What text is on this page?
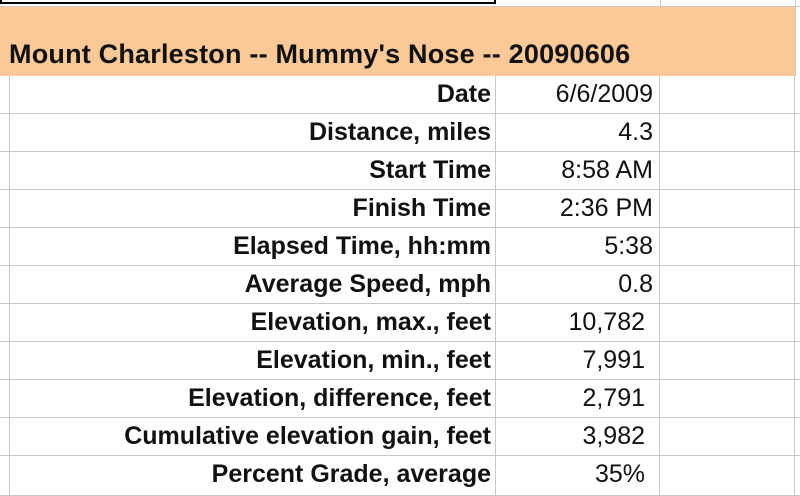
Mount Charleston -- Mummy's Nose -- 20090606
Date	6/6/2009
Distance, miles	4.3
Start Time	8:58 AM
Finish Time	2:36 PM
Elapsed Time, hh:mm	5:38
Average Speed, mph	0.8
Elevation, max., feet	10,782
Elevation, min., feet	7,991
Elevation, difference, feet	2,791
Cumulative elevation gain, feet	3,982
Percent Grade, average	35%
